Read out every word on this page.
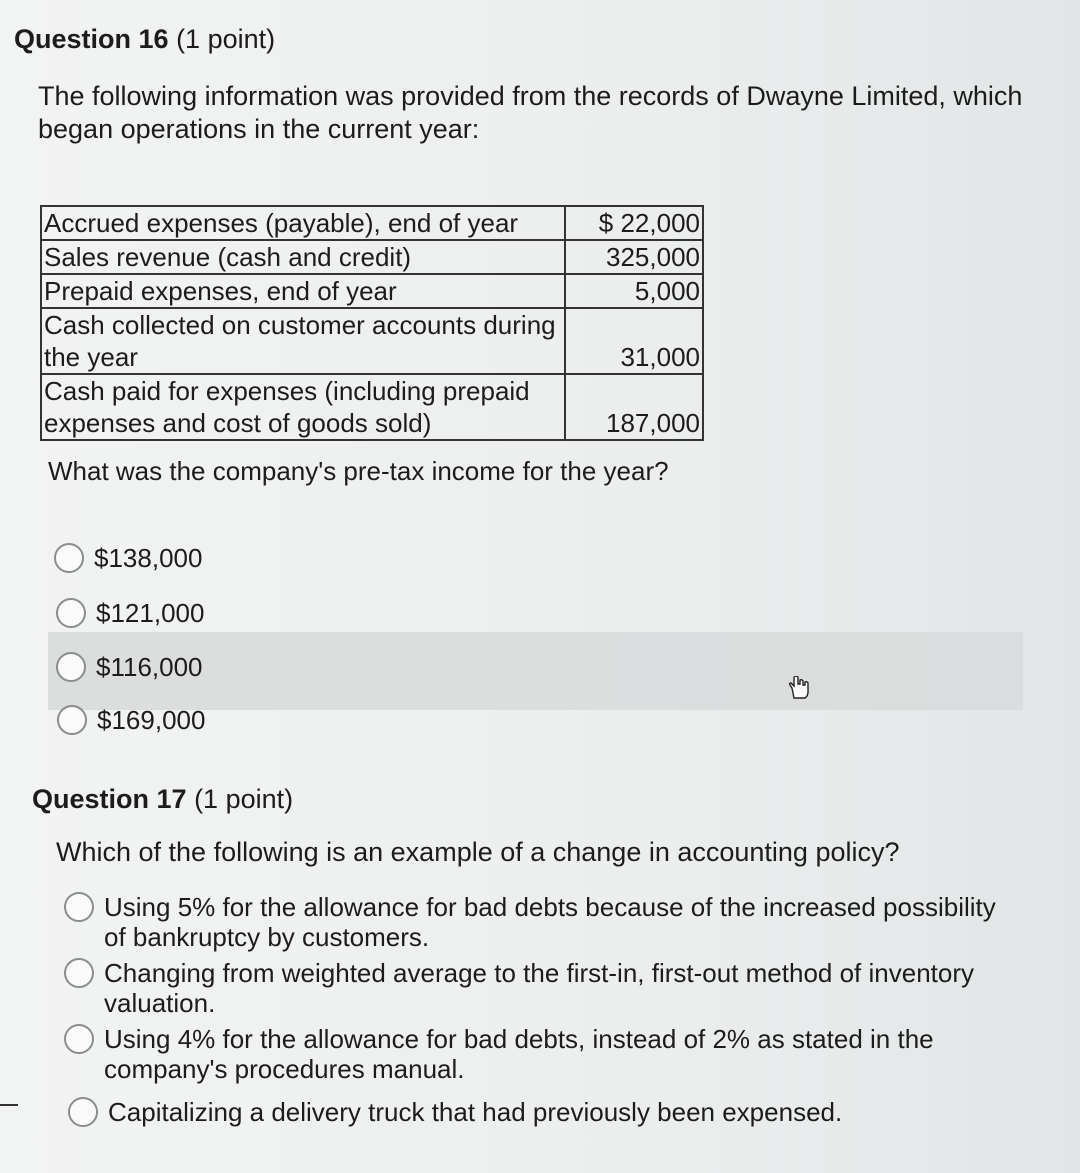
Question 16 (1 point)
The following information was provided from the records of Dwayne Limited, which began operations in the current year:
Accrued expenses (payable), end of year	$ 22,000
Sales revenue (cash and credit)	325,000
Prepaid expenses, end of year	5,000
Cash collected on customer accounts during the year	31,000
Cash paid for expenses (including prepaid expenses and cost of goods sold)	187,000
What was the company's pre-tax income for the year?
$138,000
$121,000
$116,000
$169,000
Question 17 (1 point)
Which of the following is an example of a change in accounting policy?
Using 5% for the allowance for bad debts because of the increased possibility of bankruptcy by customers.
Changing from weighted average to the first-in, first-out method of inventory valuation.
Using 4% for the allowance for bad debts, instead of 2% as stated in the company's procedures manual.
Capitalizing a delivery truck that had previously been expensed.
